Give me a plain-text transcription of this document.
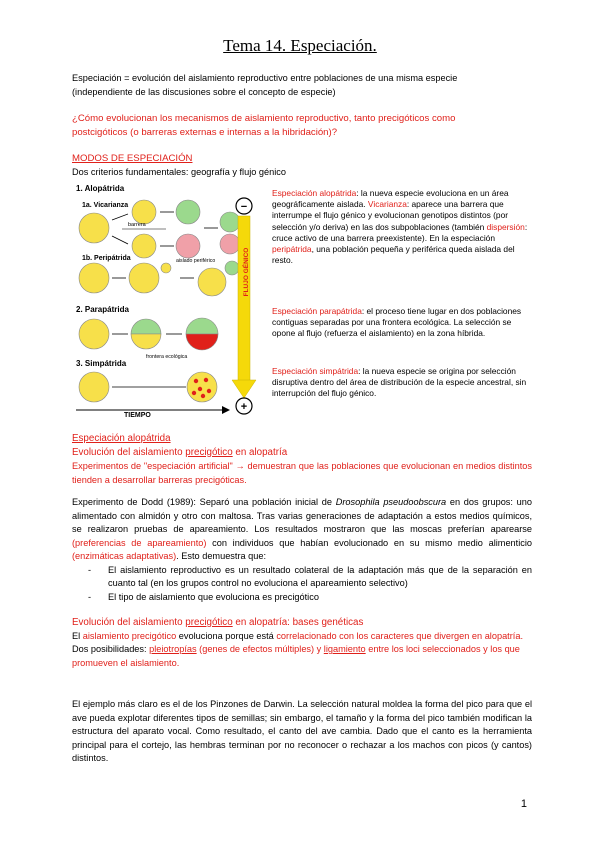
Tema 14. Especiación.
Especiación = evolución del aislamiento reproductivo entre poblaciones de una misma especie
(independiente de las discusiones sobre el concepto de especie)
¿Cómo evolucionan los mecanismos de aislamiento reproductivo, tanto precigóticos como
postcigóticos (o barreras externas e internas a la hibridación)?
MODOS DE ESPECIACIÓN
Dos criterios fundamentales: geografía y flujo génico
1. Alopátrida
1a. Vicarianza
barrera
1b. Peripátrida	aislado periférico
2. Parapátrida
frontera ecológica
3. Simpátrida
TIEMPO
−
FLUJO GÉNICO
+
Especiación alopátrida: la nueva especie evoluciona en un área geográficamente aislada. Vicarianza: aparece una barrera que interrumpe el flujo génico y evolucionan genotipos distintos (por selección y/o deriva) en las dos subpoblaciones (también dispersión: cruce activo de una barrera preexistente). En la especiación peripátrida, una población pequeña y periférica queda aislada del resto.
Especiación parapátrida: el proceso tiene lugar en dos poblaciones contiguas separadas por una frontera ecológica. La selección se opone al flujo (refuerza el aislamiento) en la zona híbrida.
Especiación simpátrida: la nueva especie se origina por selección disruptiva dentro del área de distribución de la especie ancestral, sin interrupción del flujo génico.
Especiación alopátrida
Evolución del aislamiento precigótico en alopatría
Experimentos de "especiación artificial" → demuestran que las poblaciones que evolucionan en medios distintos tienden a desarrollar barreras precigóticas.
Experimento de Dodd (1989): Separó una población inicial de Drosophila pseudoobscura en dos grupos: uno alimentado con almidón y otro con maltosa. Tras varias generaciones de adaptación a estos medios químicos, se realizaron pruebas de apareamiento. Los resultados mostraron que las moscas preferían aparearse (preferencias de apareamiento) con individuos que habían evolucionado en su mismo medio alimenticio (enzimáticas adaptativas). Esto demuestra que:
- El aislamiento reproductivo es un resultado colateral de la adaptación más que de la separación en cuanto tal (en los grupos control no evoluciona el apareamiento selectivo)
- El tipo de aislamiento que evoluciona es precigótico
Evolución del aislamiento precigótico en alopatría: bases genéticas
El aislamiento precigótico evoluciona porque está correlacionado con los caracteres que divergen en alopatría.
Dos posibilidades: pleiotropías (genes de efectos múltiples) y ligamiento entre los loci seleccionados y los que promueven el aislamiento.
El ejemplo más claro es el de los Pinzones de Darwin. La selección natural moldea la forma del pico para que el ave pueda explotar diferentes tipos de semillas; sin embargo, el tamaño y la forma del pico también modifican la estructura del aparato vocal. Como resultado, el canto del ave cambia. Dado que el canto es la herramienta principal para el cortejo, las hembras terminan por no reconocer o rechazar a los machos con picos (y cantos) distintos.
1
